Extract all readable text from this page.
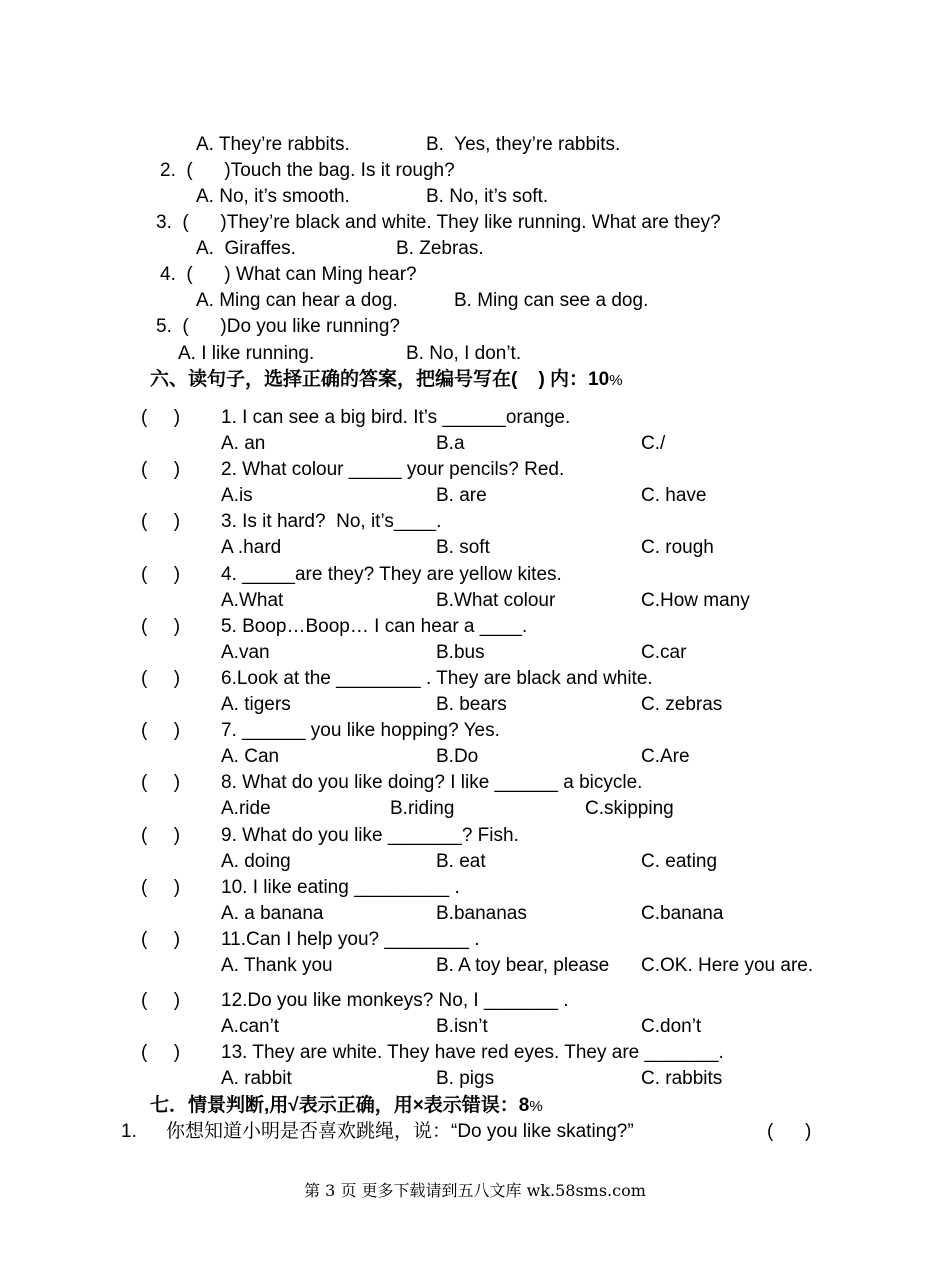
A. They’re rabbits.	B.  Yes, they’re rabbits.
2.  (      )Touch the bag. Is it rough?
A. No, it’s smooth.	B. No, it’s soft.
3.  (      )They’re black and white. They like running. What are they?
A.  Giraffes.	B. Zebras.
4.  (      ) What can Ming hear?
A. Ming can hear a dog.	B. Ming can see a dog.
5.  (      )Do you like running?
A. I like running.	B. No, I don’t.
六、读句子，选择正确的答案，把编号写在(    ) 内：10%
(     ) 1. I can see a big bird. It’s ______orange.
A. an	B.a	C./
(     ) 2. What colour _____ your pencils? Red.
A.is	B. are	C. have
(     ) 3. Is it hard?  No, it’s____.
A .hard	B. soft	C. rough
(     ) 4. _____are they? They are yellow kites.
A.What	B.What colour	C.How many
(     ) 5. Boop…Boop… I can hear a ____.
A.van	B.bus	C.car
(     ) 6.Look at the ________ . They are black and white.
A. tigers	B. bears	C. zebras
(     ) 7. ______ you like hopping? Yes.
A. Can	B.Do	C.Are
(     ) 8. What do you like doing? I like ______ a bicycle.
A.ride	B.riding	C.skipping
(     ) 9. What do you like _______? Fish.
A. doing	B. eat	C. eating
(     ) 10. I like eating _________ .
A. a banana	B.bananas	C.banana
(     ) 11.Can I help you? ________ .
A. Thank you	B. A toy bear, please C.OK. Here you are.
(     ) 12.Do you like monkeys? No, I _______ .
A.can’t	B.isn’t	C.don’t
(     ) 13. They are white. They have red eyes. They are _______.
A. rabbit	B. pigs	C. rabbits
七．情景判断,用√表示正确，用×表示错误：8%
1. 你想知道小明是否喜欢跳绳，说：“Do you like skating?”	(      )
第 3 页 更多下载请到五八文库 wk.58sms.com
